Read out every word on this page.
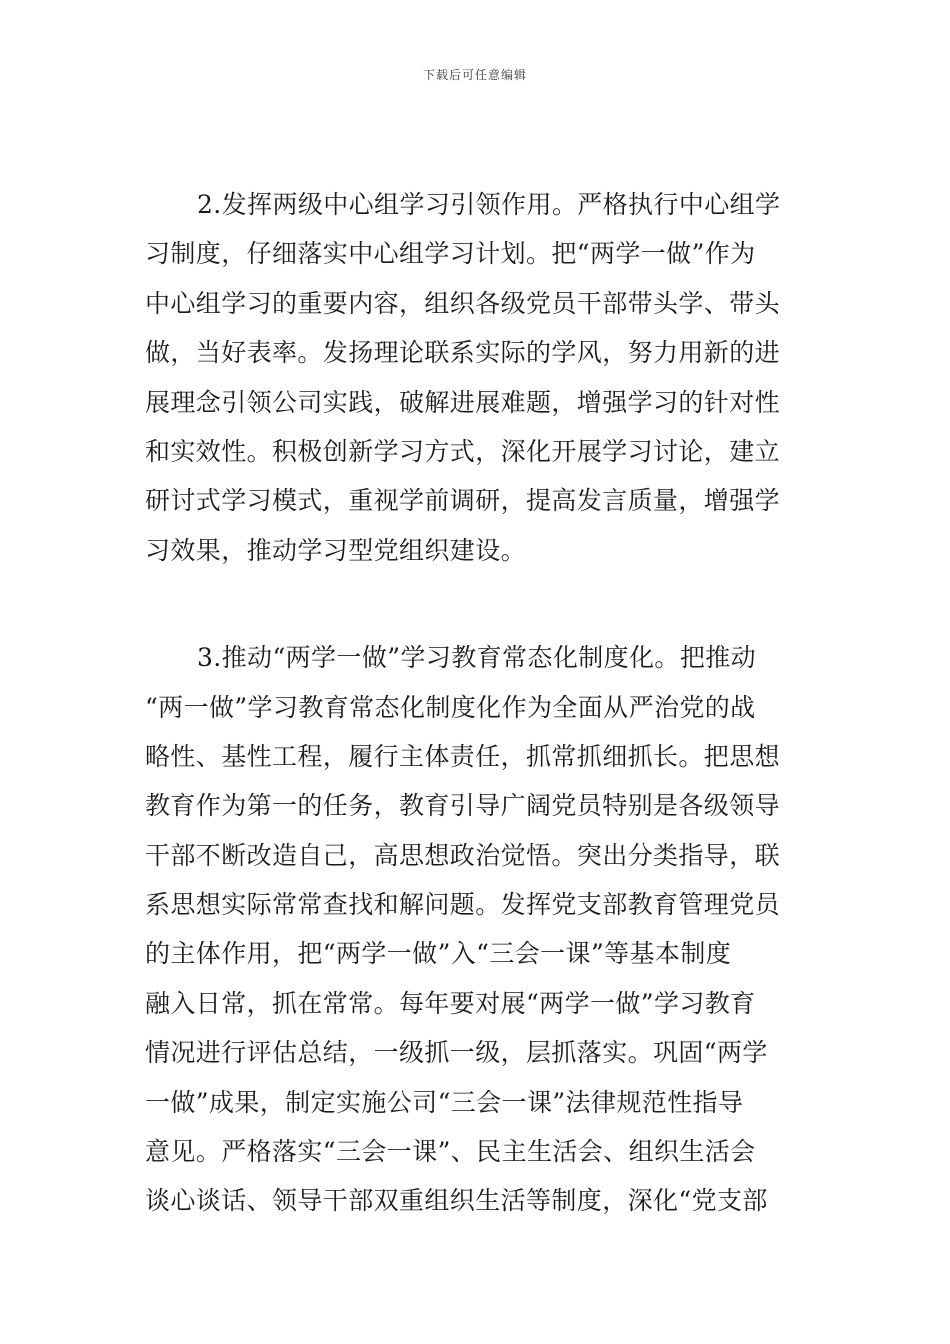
下载后可任意编辑
2.发挥两级中心组学习引领作用。严格执行中心组学
习制度，仔细落实中心组学习计划。把“两学一做”作为
中心组学习的重要内容，组织各级党员干部带头学、带头
做，当好表率。发扬理论联系实际的学风，努力用新的进
展理念引领公司实践，破解进展难题，增强学习的针对性
和实效性。积极创新学习方式，深化开展学习讨论，建立
研讨式学习模式，重视学前调研，提高发言质量，增强学
习效果，推动学习型党组织建设。
3.推动“两学一做”学习教育常态化制度化。把推动
“两一做”学习教育常态化制度化作为全面从严治党的战
略性、基性工程，履行主体责任，抓常抓细抓长。把思想
教育作为第一的任务，教育引导广阔党员特别是各级领导
干部不断改造自己，高思想政治觉悟。突出分类指导，联
系思想实际常常查找和解问题。发挥党支部教育管理党员
的主体作用，把“两学一做”入“三会一课”等基本制度
融入日常，抓在常常。每年要对展“两学一做”学习教育
情况进行评估总结，一级抓一级，层抓落实。巩固“两学
一做”成果，制定实施公司“三会一课”法律规范性指导
意见。严格落实“三会一课”、民主生活会、组织生活会
谈心谈话、领导干部双重组织生活等制度，深化“党支部
